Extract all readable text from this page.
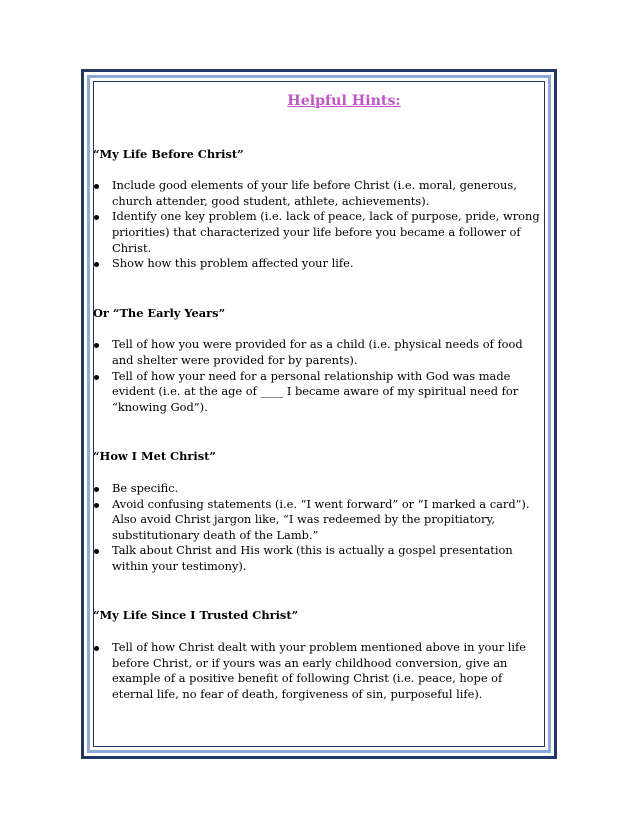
Helpful Hints:

“My Life Before Christ”

Include good elements of your life before Christ (i.e. moral, generous, church attender, good student, athlete, achievements).
Identify one key problem (i.e. lack of peace, lack of purpose, pride, wrong priorities) that characterized your life before you became a follower of Christ.
Show how this problem affected your life.

Or “The Early Years”

Tell of how you were provided for as a child (i.e. physical needs of food and shelter were provided for by parents).
Tell of how your need for a personal relationship with God was made evident (i.e. at the age of ____ I became aware of my spiritual need for “knowing God”).

“How I Met Christ”

Be specific.
Avoid confusing statements (i.e. “I went forward” or “I marked a card”). Also avoid Christ jargon like, “I was redeemed by the propitiatory, substitutionary death of the Lamb.”
Talk about Christ and His work (this is actually a gospel presentation within your testimony).

“My Life Since I Trusted Christ”

Tell of how Christ dealt with your problem mentioned above in your life before Christ, or if yours was an early childhood conversion, give an example of a positive benefit of following Christ (i.e. peace, hope of eternal life, no fear of death, forgiveness of sin, purposeful life).
